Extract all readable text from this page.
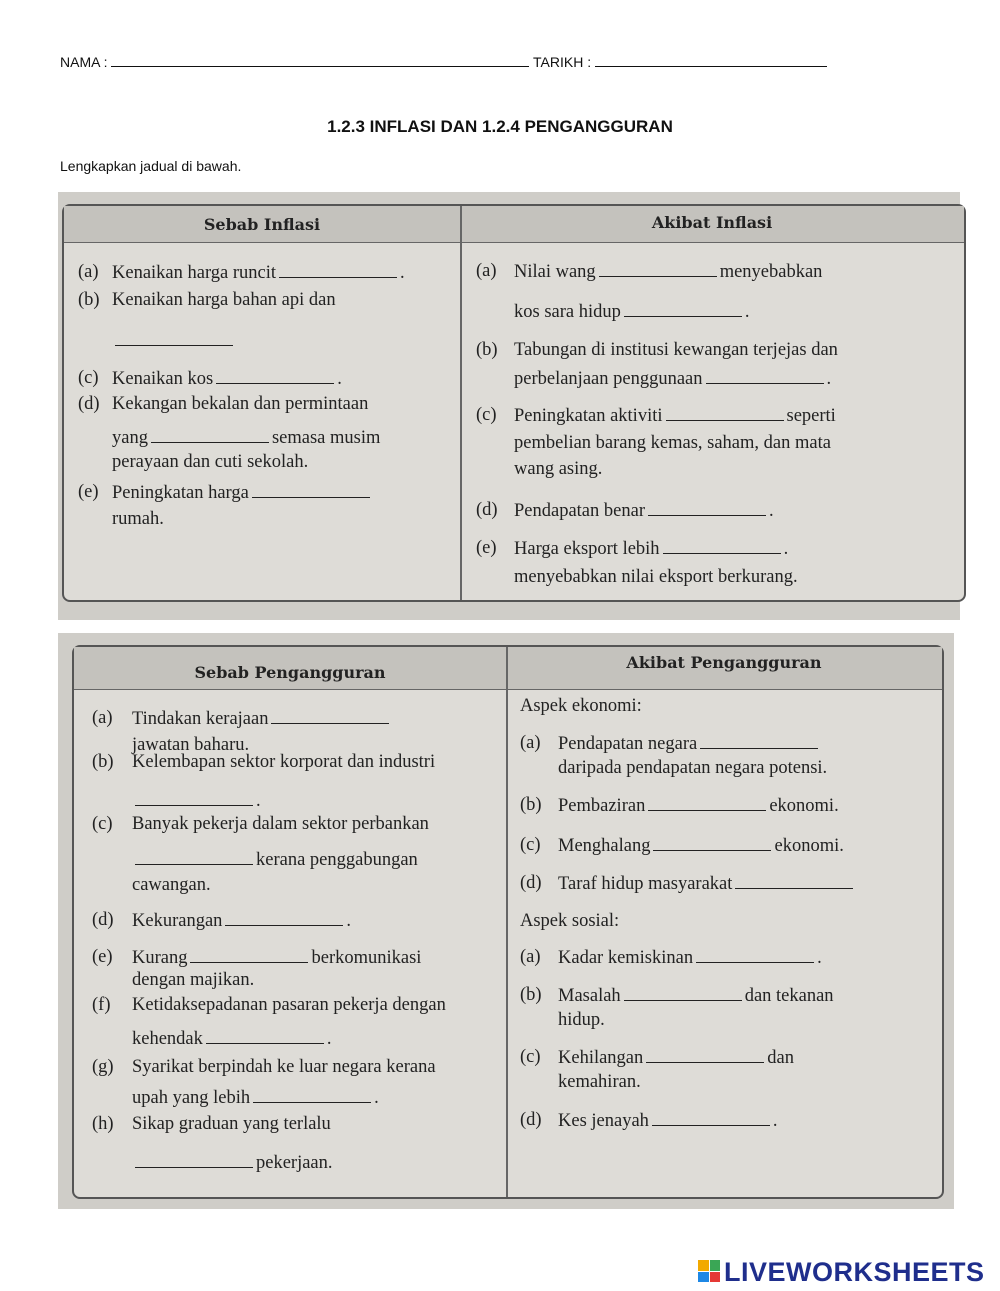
NAMA :	TARIKH :
1.2.3 INFLASI DAN 1.2.4 PENGANGGURAN
Lengkapkan jadual di bawah.
Sebab Inflasi	Akibat Inflasi
(a) Kenaikan harga runcit	.
(b) Kenaikan harga bahan api dan
(c) Kenaikan kos	.
(d) Kekangan bekalan dan permintaan
yang	semasa musim
perayaan dan cuti sekolah.
(e) Peningkatan harga
rumah.
(a) Nilai wang	menyebabkan
kos sara hidup	.
(b) Tabungan di institusi kewangan terjejas dan
perbelanjaan penggunaan	.
(c) Peningkatan aktiviti	seperti
pembelian barang kemas, saham, dan mata
wang asing.
(d) Pendapatan benar	.
(e) Harga eksport lebih	.
menyebabkan nilai eksport berkurang.
Sebab Pengangguran
Akibat Pengangguran
(a) Tindakan kerajaan
jawatan baharu.
(b) Kelembapan sektor korporat dan industri
.
(c) Banyak pekerja dalam sektor perbankan
kerana penggabungan
cawangan.
(d) Kekurangan	.
(e) Kurang	berkomunikasi
dengan majikan.
(f) Ketidaksepadanan pasaran pekerja dengan
kehendak	.
(g) Syarikat berpindah ke luar negara kerana
upah yang lebih	.
(h) Sikap graduan yang terlalu
pekerjaan.
Aspek ekonomi:
(a) Pendapatan negara
daripada pendapatan negara potensi.
(b) Pembaziran	ekonomi.
(c) Menghalang	ekonomi.
(d) Taraf hidup masyarakat
Aspek sosial:
(a) Kadar kemiskinan	.
(b) Masalah	dan tekanan
hidup.
(c) Kehilangan	dan
kemahiran.
(d) Kes jenayah	.
LIVEWORKSHEETS
